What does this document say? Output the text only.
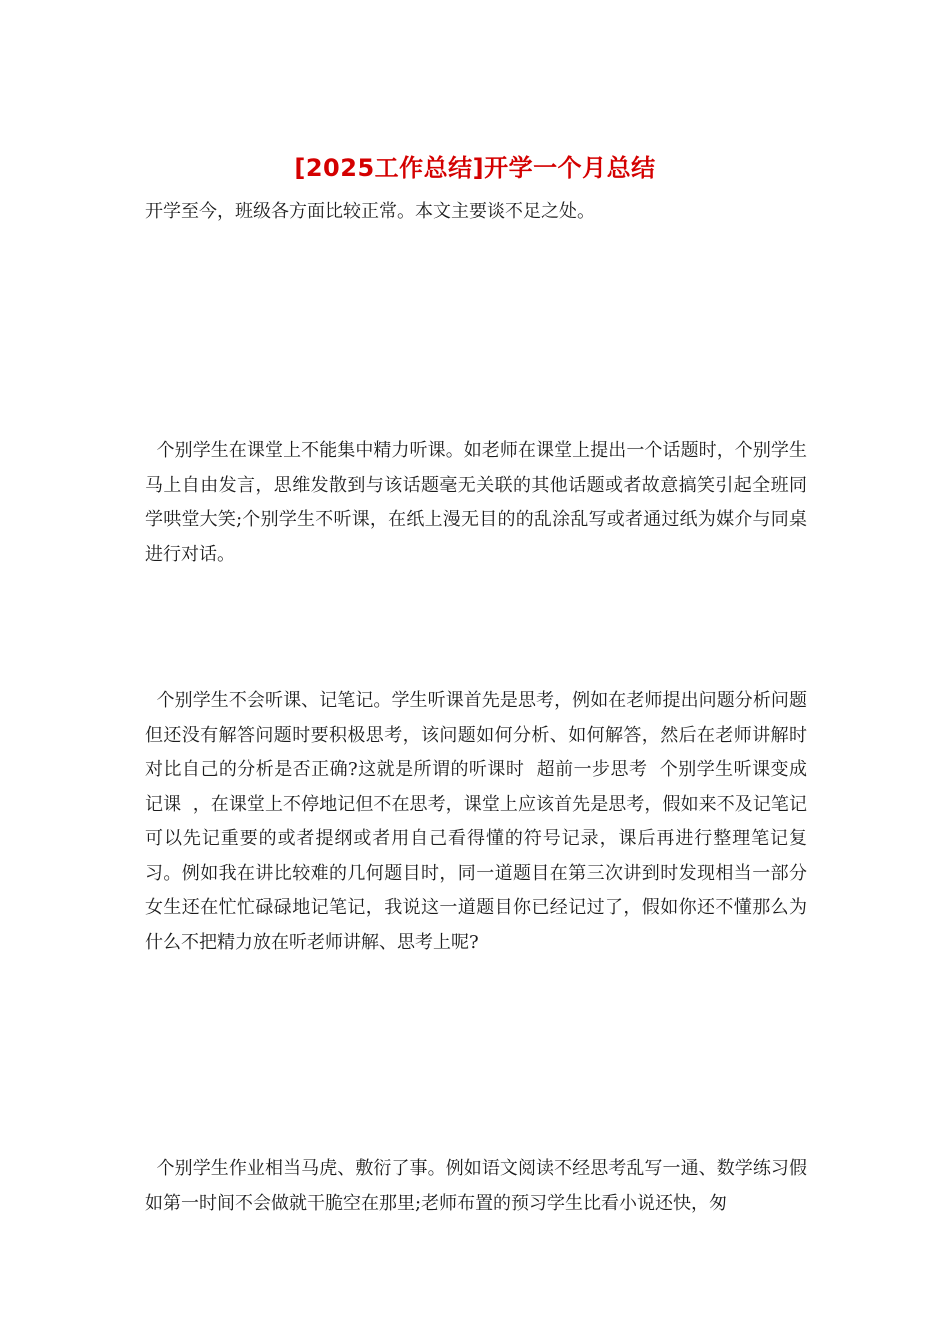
[2025工作总结]开学一个月总结

开学至今，班级各方面比较正常。本文主要谈不足之处。

个别学生在课堂上不能集中精力听课。如老师在课堂上提出一个话题时，个别学生马上自由发言，思维发散到与该话题毫无关联的其他话题或者故意搞笑引起全班同学哄堂大笑;个别学生不听课，在纸上漫无目的的乱涂乱写或者通过纸为媒介与同桌进行对话。

个别学生不会听课、记笔记。学生听课首先是思考，例如在老师提出问题分析问题但还没有解答问题时要积极思考，该问题如何分析、如何解答，然后在老师讲解时对比自己的分析是否正确?这就是所谓的听课时  超前一步思考  个别学生听课变成  记课  ，在课堂上不停地记但不在思考，课堂上应该首先是思考，假如来不及记笔记可以先记重要的或者提纲或者用自己看得懂的符号记录，课后再进行整理笔记复习。例如我在讲比较难的几何题目时，同一道题目在第三次讲到时发现相当一部分女生还在忙忙碌碌地记笔记，我说这一道题目你已经记过了，假如你还不懂那么为什么不把精力放在听老师讲解、思考上呢?

个别学生作业相当马虎、敷衍了事。例如语文阅读不经思考乱写一通、数学练习假如第一时间不会做就干脆空在那里;老师布置的预习学生比看小说还快，匆
